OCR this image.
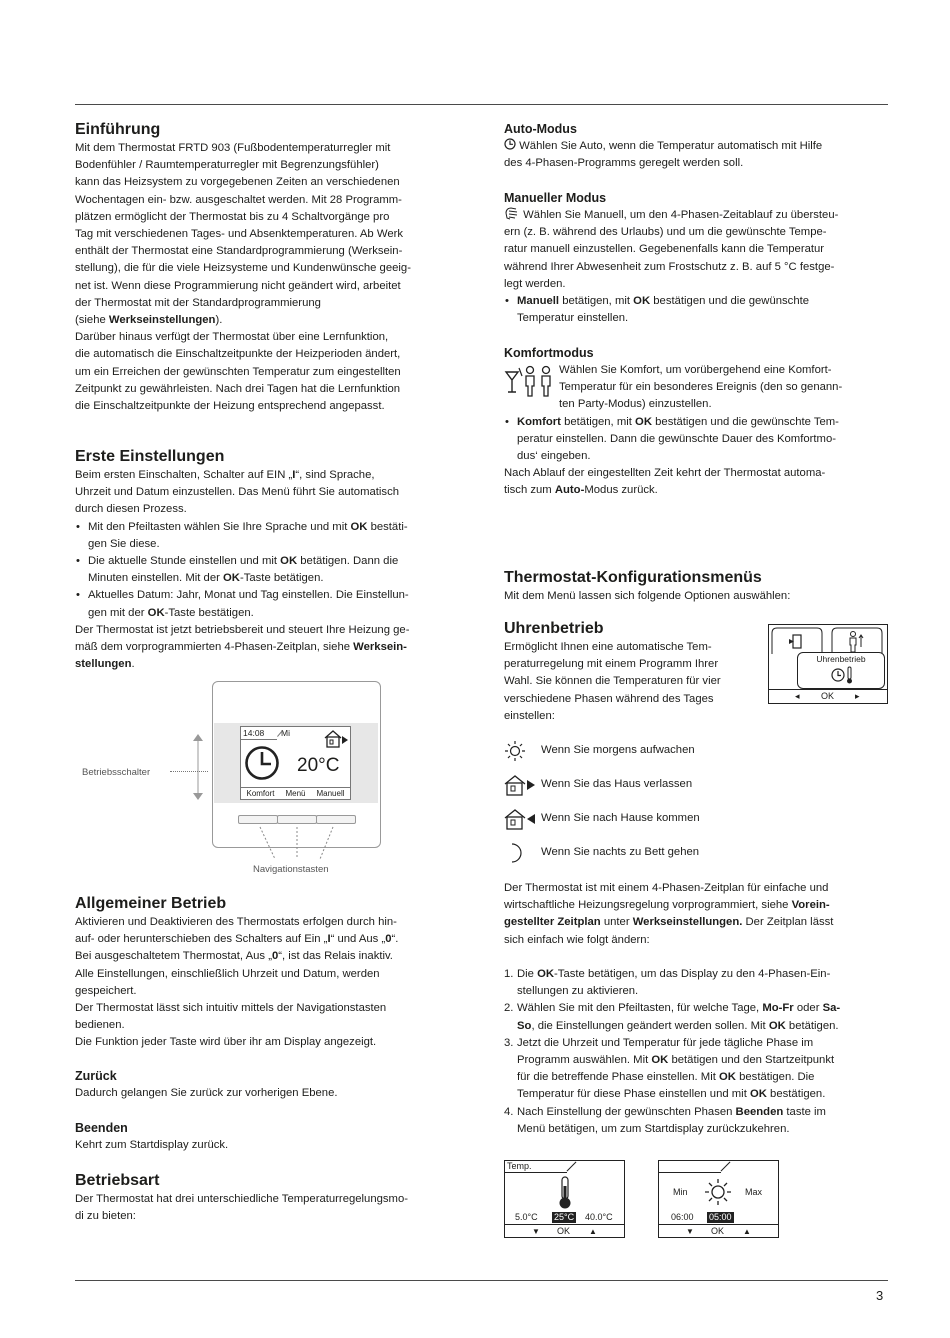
3
Einführung

Mit dem Thermostat FRTD 903 (Fußbodentemperaturregler mit

Bodenfühler / Raumtemperaturregler mit Begrenzungsfühler)

kann das Heizsystem zu vorgegebenen Zeiten an verschiedenen

Wochentagen ein- bzw. ausgeschaltet werden. Mit 28 Programm-

plätzen ermöglicht der Thermostat bis zu 4 Schaltvorgänge pro

Tag mit verschiedenen Tages- und Absenktemperaturen. Ab Werk

enthält der Thermostat eine Standardprogrammierung (Werksein-

stellung), die für die viele Heizsysteme und Kundenwünsche geeig-

net ist. Wenn diese Programmierung nicht geändert wird, arbeitet

der Thermostat mit der Standardprogrammierung

(siehe Werkseinstellungen).

Darüber hinaus verfügt der Thermostat über eine Lernfunktion,

die automatisch die Einschaltzeitpunkte der Heizperioden ändert,

um ein Erreichen der gewünschten Temperatur zum eingestellten

Zeitpunkt zu gewährleisten. Nach drei Tagen hat die Lernfunktion

die Einschaltzeitpunkte der Heizung entsprechend angepasst.

Erste Einstellungen

Beim ersten Einschalten, Schalter auf EIN „I“, sind Sprache,

Uhrzeit und Datum einzustellen. Das Menü führt Sie automatisch

durch diesen Prozess.

• Mit den Pfeiltasten wählen Sie Ihre Sprache und mit OK bestäti-
gen Sie diese.
• Die aktuelle Stunde einstellen und mit OK betätigen. Dann die
Minuten einstellen. Mit der OK-Taste betätigen.
• Aktuelles Datum: Jahr, Monat und Tag einstellen. Die Einstellun-
gen mit der OK-Taste bestätigen.

Der Thermostat ist jetzt betriebsbereit und steuert Ihre Heizung ge-

mäß dem vorprogrammierten 4-Phasen-Zeitplan, siehe Werksein-

stellungen.

14:08 Mi
20°C
Komfort Menü Manuell
Betriebsschalter
Navigationstasten
Allgemeiner Betrieb

Aktivieren und Deaktivieren des Thermostats erfolgen durch hin-

auf- oder herunterschieben des Schalters auf Ein „I“ und Aus „0“.

Bei ausgeschaltetem Thermostat, Aus „0“, ist das Relais inaktiv.

Alle Einstellungen, einschließlich Uhrzeit und Datum, werden

gespeichert.

Der Thermostat lässt sich intuitiv mittels der Navigationstasten

bedienen.

Die Funktion jeder Taste wird über ihr am Display angezeigt.

Zurück

Dadurch gelangen Sie zurück zur vorherigen Ebene.

Beenden

Kehrt zum Startdisplay zurück.

Betriebsart

Der Thermostat hat drei unterschiedliche Temperaturregelungsmo-

di zu bieten:

Auto-Modus

Wählen Sie Auto, wenn die Temperatur automatisch mit Hilfe

des 4-Phasen-Programms geregelt werden soll.

Manueller Modus

Wählen Sie Manuell, um den 4-Phasen-Zeitablauf zu übersteu-

ern (z. B. während des Urlaubs) und um die gewünschte Tempe-

ratur manuell einzustellen. Gegebenenfalls kann die Temperatur

während Ihrer Abwesenheit zum Frostschutz z. B. auf 5 °C festge-

legt werden.

• Manuell betätigen, mit OK bestätigen und die gewünschte
Temperatur einstellen.
Komfortmodus

Wählen Sie Komfort, um vorübergehend eine Komfort-

Temperatur für ein besonderes Ereignis (den so genann-

ten Party-Modus) einzustellen.

• Komfort betätigen, mit OK bestätigen und die gewünschte Tem-
peratur einstellen. Dann die gewünschte Dauer des Komfortmo-
dus‘ eingeben.

Nach Ablauf der eingestellten Zeit kehrt der Thermostat automa-

tisch zum Auto-Modus zurück.

Thermostat-Konfigurationsmenüs

Mit dem Menü lassen sich folgende Optionen auswählen:

Uhrenbetrieb

Ermöglicht Ihnen eine automatische Tem-

peraturregelung mit einem Programm Ihrer

Wahl. Sie können die Temperaturen für vier

verschiedene Phasen während des Tages

einstellen:

Uhrenbetrieb
◂ OK ▸
Wenn Sie morgens aufwachen
Wenn Sie das Haus verlassen
Wenn Sie nach Hause kommen
Wenn Sie nachts zu Bett gehen

Der Thermostat ist mit einem 4-Phasen-Zeitplan für einfache und

wirtschaftliche Heizungsregelung vorprogrammiert, siehe Vorein-

gestellter Zeitplan unter Werkseinstellungen. Der Zeitplan lässt

sich einfach wie folgt ändern:

1. Die OK-Taste betätigen, um das Display zu den 4-Phasen-Ein-
stellungen zu aktivieren.
2. Wählen Sie mit den Pfeiltasten, für welche Tage, Mo-Fr oder Sa-
So, die Einstellungen geändert werden sollen. Mit OK betätigen.
3. Jetzt die Uhrzeit und Temperatur für jede tägliche Phase im
Programm auswählen. Mit OK betätigen und den Startzeitpunkt
für die betreffende Phase einstellen. Mit OK bestätigen. Die
Temperatur für diese Phase einstellen und mit OK bestätigen.
4. Nach Einstellung der gewünschten Phasen Beenden taste im
Menü betätigen, um zum Startdisplay zurückzukehren.
Temp.
5.0°C 25°C 40.0°C
▼ OK ▲
Min	Max
06:00 05:00
▼ OK ▲
